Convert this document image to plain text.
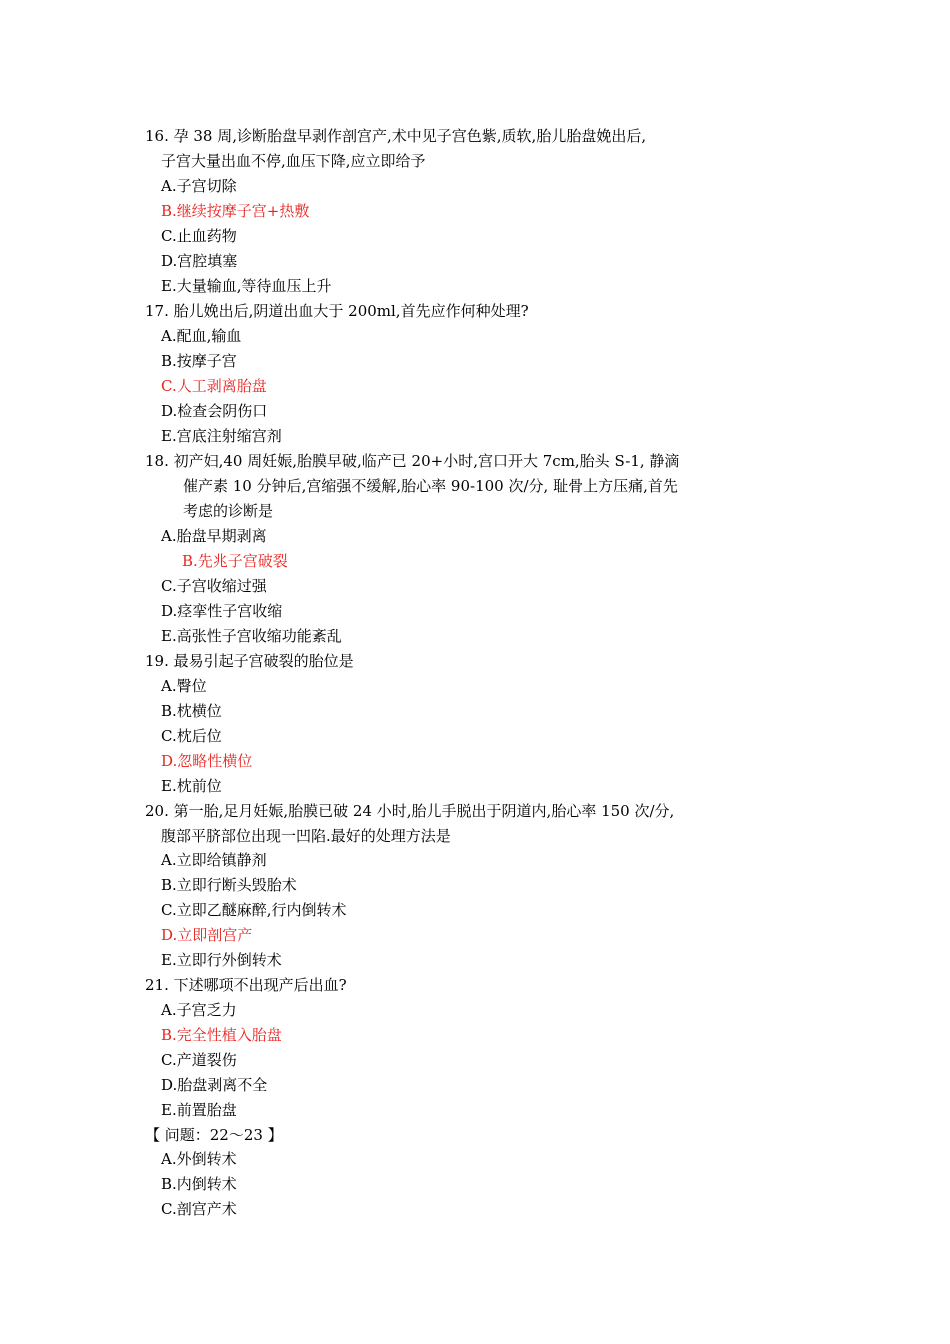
16. 孕 38 周,诊断胎盘早剥作剖宫产,术中见子宫色紫,质软,胎儿胎盘娩出后,
子宫大量出血不停,血压下降,应立即给予
A.子宫切除
B.继续按摩子宫+热敷
C.止血药物
D.宫腔填塞
E.大量输血,等待血压上升
17. 胎儿娩出后,阴道出血大于 200ml,首先应作何种处理?
A.配血,输血
B.按摩子宫
C.人工剥离胎盘
D.检查会阴伤口
E.宫底注射缩宫剂
18. 初产妇,40 周妊娠,胎膜早破,临产已 20+小时,宫口开大 7cm,胎头 S-1, 静滴
催产素 10 分钟后,宫缩强不缓解,胎心率 90-100 次/分, 耻骨上方压痛,首先
考虑的诊断是
A.胎盘早期剥离
B.先兆子宫破裂
C.子宫收缩过强
D.痉挛性子宫收缩
E.高张性子宫收缩功能紊乱
19. 最易引起子宫破裂的胎位是
A.臀位
B.枕横位
C.枕后位
D.忽略性横位
E.枕前位
20. 第一胎,足月妊娠,胎膜已破 24 小时,胎儿手脱出于阴道内,胎心率 150 次/分,
腹部平脐部位出现一凹陷.最好的处理方法是
A.立即给镇静剂
B.立即行断头毁胎术
C.立即乙醚麻醉,行内倒转术
D.立即剖宫产
E.立即行外倒转术
21. 下述哪项不出现产后出血?
A.子宫乏力
B.完全性植入胎盘
C.产道裂伤
D.胎盘剥离不全
E.前置胎盘
【 问题：22～23 】
A.外倒转术
B.内倒转术
C.剖宫产术
